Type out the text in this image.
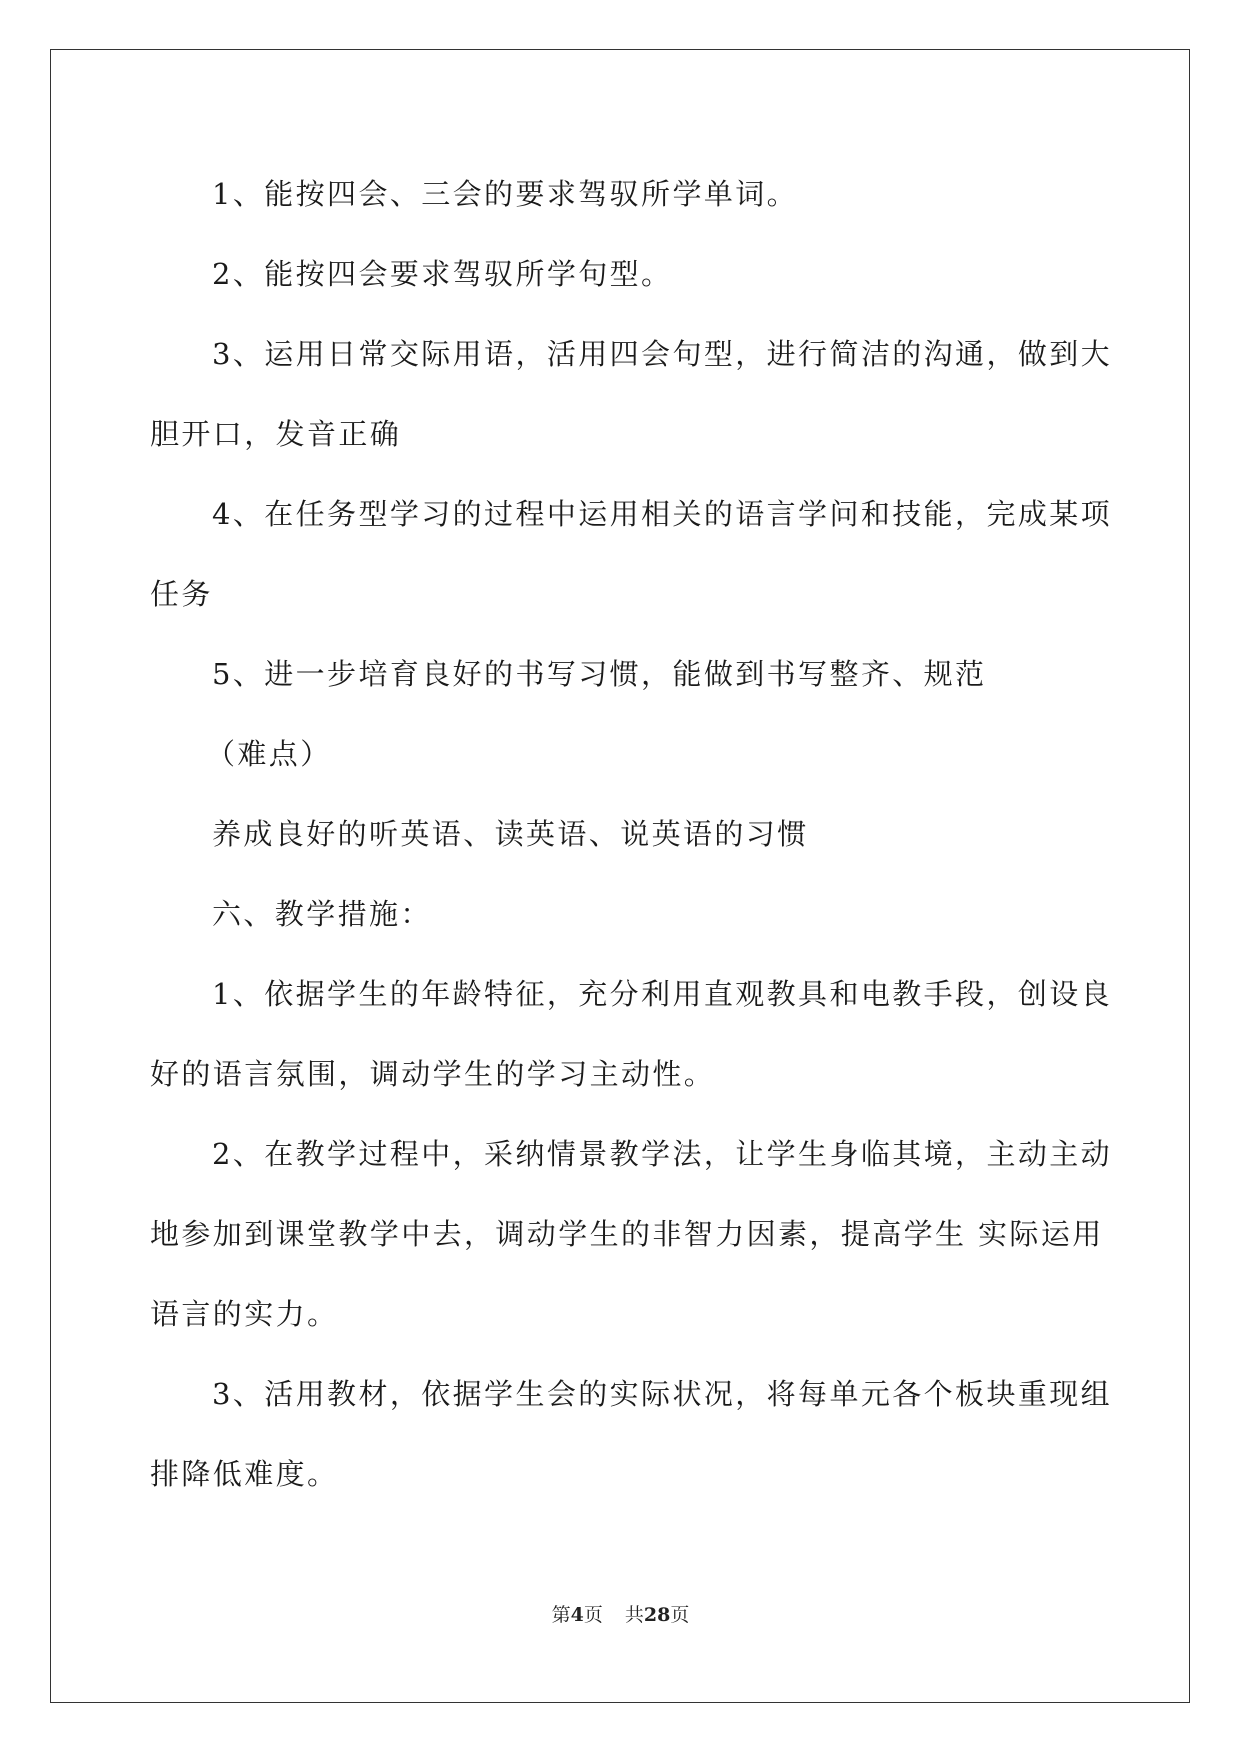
1、能按四会、三会的要求驾驭所学单词。
2、能按四会要求驾驭所学句型。
3、运用日常交际用语，活用四会句型，进行简洁的沟通，做到大
胆开口，发音正确
4、在任务型学习的过程中运用相关的语言学问和技能，完成某项
任务
5、进一步培育良好的书写习惯，能做到书写整齐、规范
（难点）
养成良好的听英语、读英语、说英语的习惯
六、教学措施：
1、依据学生的年龄特征，充分利用直观教具和电教手段，创设良
好的语言氛围，调动学生的学习主动性。
2、在教学过程中，采纳情景教学法，让学生身临其境，主动主动
地参加到课堂教学中去，调动学生的非智力因素，提高学生 实际运用
语言的实力。
3、活用教材，依据学生会的实际状况，将每单元各个板块重现组
排降低难度。
第4页 共28页
